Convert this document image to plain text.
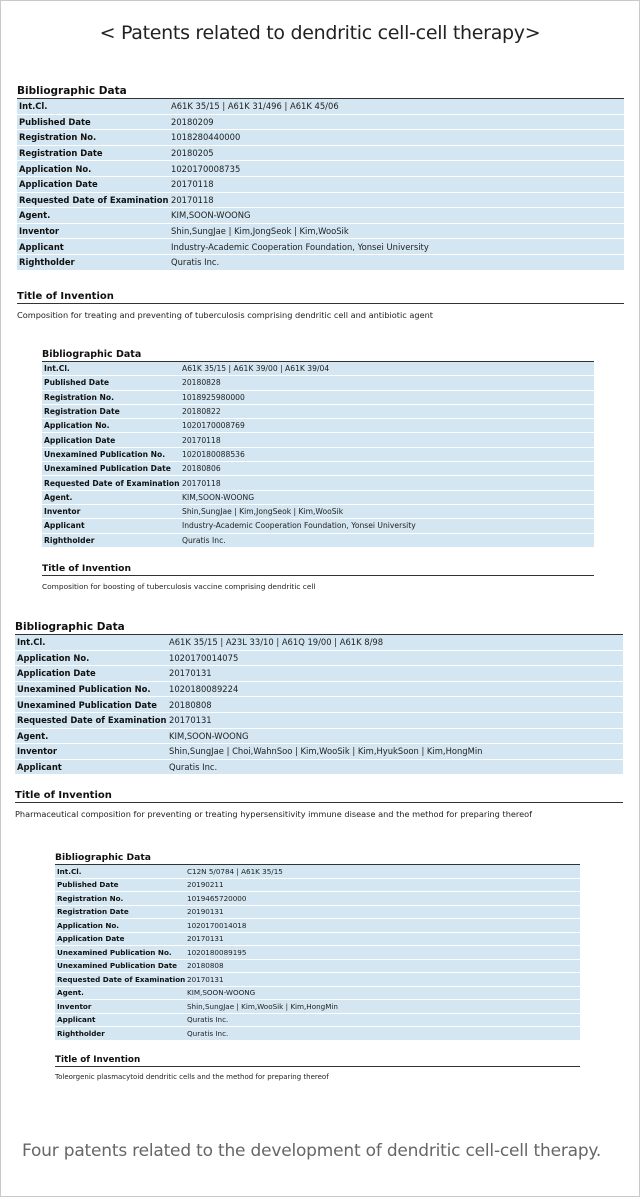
< Patents related to dendritic cell-cell therapy>
Bibliographic Data
Int.Cl.	A61K 35/15 | A61K 31/496 | A61K 45/06
Published Date	20180209
Registration No.	1018280440000
Registration Date	20180205
Application No.	1020170008735
Application Date	20170118
Requested Date of Examination 20170118
Agent.	KIM,SOON-WOONG
Inventor	Shin,SungJae | Kim,JongSeok | Kim,WooSik
Applicant	Industry-Academic Cooperation Foundation, Yonsei University
Rightholder	Quratis Inc.
Title of Invention
Composition for treating and preventing of tuberculosis comprising dendritic cell and antibiotic agent
Bibliographic Data
Int.Cl.	A61K 35/15 | A61K 39/00 | A61K 39/04
Published Date	20180828
Registration No.	1018925980000
Registration Date	20180822
Application No.	1020170008769
Application Date	20170118
Unexamined Publication No.	1020180088536
Unexamined Publication Date	20180806
Requested Date of Examination 20170118
Agent.	KIM,SOON-WOONG
Inventor	Shin,SungJae | Kim,JongSeok | Kim,WooSik
Applicant	Industry-Academic Cooperation Foundation, Yonsei University
Rightholder	Quratis Inc.
Title of Invention
Composition for boosting of tuberculosis vaccine comprising dendritic cell
Bibliographic Data
Int.Cl.	A61K 35/15 | A23L 33/10 | A61Q 19/00 | A61K 8/98
Application No.	1020170014075
Application Date	20170131
Unexamined Publication No.	1020180089224
Unexamined Publication Date	20180808
Requested Date of Examination 20170131
Agent.	KIM,SOON-WOONG
Inventor	Shin,SungJae | Choi,WahnSoo | Kim,WooSik | Kim,HyukSoon | Kim,HongMin
Applicant	Quratis Inc.
Title of Invention
Pharmaceutical composition for preventing or treating hypersensitivity immune disease and the method for preparing thereof
Bibliographic Data
Int.Cl.	C12N 5/0784 | A61K 35/15
Published Date	20190211
Registration No.	1019465720000
Registration Date	20190131
Application No.	1020170014018
Application Date	20170131
Unexamined Publication No.	1020180089195
Unexamined Publication Date	20180808
Requested Date of Examination 20170131
Agent.	KIM,SOON-WOONG
Inventor	Shin,SungJae | Kim,WooSik | Kim,HongMin
Applicant	Quratis Inc.
Rightholder	Quratis Inc.
Title of Invention
Toleorgenic plasmacytoid dendritic cells and the method for preparing thereof
Four patents related to the development of dendritic cell-cell therapy.
